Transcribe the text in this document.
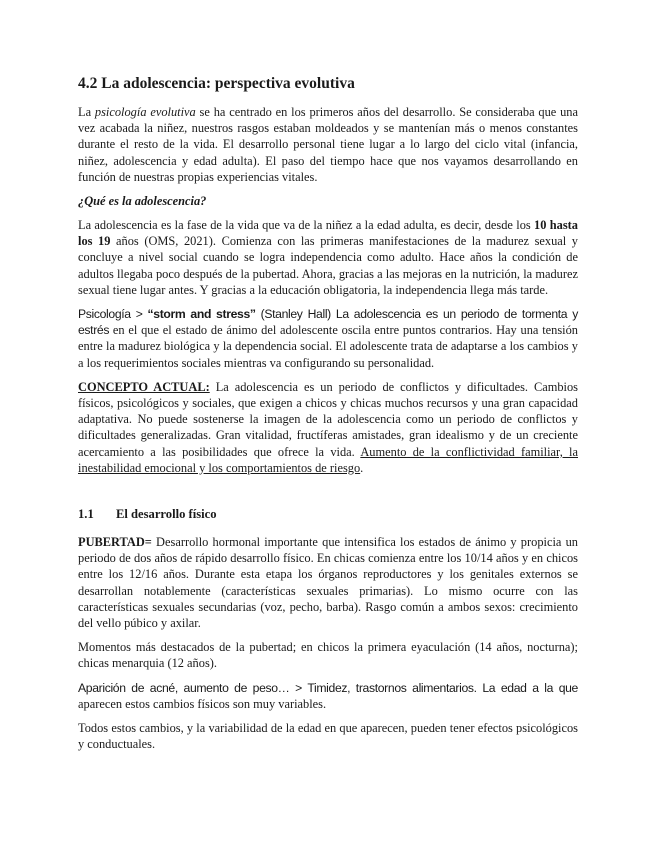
4.2 La adolescencia: perspectiva evolutiva

La psicología evolutiva se ha centrado en los primeros años del desarrollo. Se consideraba que una vez acabada la niñez, nuestros rasgos estaban moldeados y se mantenían más o menos constantes durante el resto de la vida. El desarrollo personal tiene lugar a lo largo del ciclo vital (infancia, niñez, adolescencia y edad adulta). El paso del tiempo hace que nos vayamos desarrollando en función de nuestras propias experiencias vitales.

¿Qué es la adolescencia?

La adolescencia es la fase de la vida que va de la niñez a la edad adulta, es decir, desde los 10 hasta los 19 años (OMS, 2021). Comienza con las primeras manifestaciones de la madurez sexual y concluye a nivel social cuando se logra independencia como adulto. Hace años la condición de adultos llegaba poco después de la pubertad. Ahora, gracias a las mejoras en la nutrición, la madurez sexual tiene lugar antes. Y gracias a la educación obligatoria, la independencia llega más tarde.

Psicología > “storm and stress” (Stanley Hall) La adolescencia es un periodo de tormenta y estrés en el que el estado de ánimo del adolescente oscila entre puntos contrarios. Hay una tensión entre la madurez biológica y la dependencia social. El adolescente trata de adaptarse a los cambios y a los requerimientos sociales mientras va configurando su personalidad.

CONCEPTO ACTUAL: La adolescencia es un periodo de conflictos y dificultades. Cambios físicos, psicológicos y sociales, que exigen a chicos y chicas muchos recursos y una gran capacidad adaptativa. No puede sostenerse la imagen de la adolescencia como un periodo de conflictos y dificultades generalizadas. Gran vitalidad, fructíferas amistades, gran idealismo y de un creciente acercamiento a las posibilidades que ofrece la vida. Aumento de la conflictividad familiar, la inestabilidad emocional y los comportamientos de riesgo.

1.1 El desarrollo físico

PUBERTAD= Desarrollo hormonal importante que intensifica los estados de ánimo y propicia un periodo de dos años de rápido desarrollo físico. En chicas comienza entre los 10/14 años y en chicos entre los 12/16 años. Durante esta etapa los órganos reproductores y los genitales externos se desarrollan notablemente (características sexuales primarias). Lo mismo ocurre con las características sexuales secundarias (voz, pecho, barba). Rasgo común a ambos sexos: crecimiento del vello púbico y axilar.

Momentos más destacados de la pubertad; en chicos la primera eyaculación (14 años, nocturna); chicas menarquia (12 años).

Aparición de acné, aumento de peso… > Timidez, trastornos alimentarios. La edad a la que aparecen estos cambios físicos son muy variables.

Todos estos cambios, y la variabilidad de la edad en que aparecen, pueden tener efectos psicológicos y conductuales.
